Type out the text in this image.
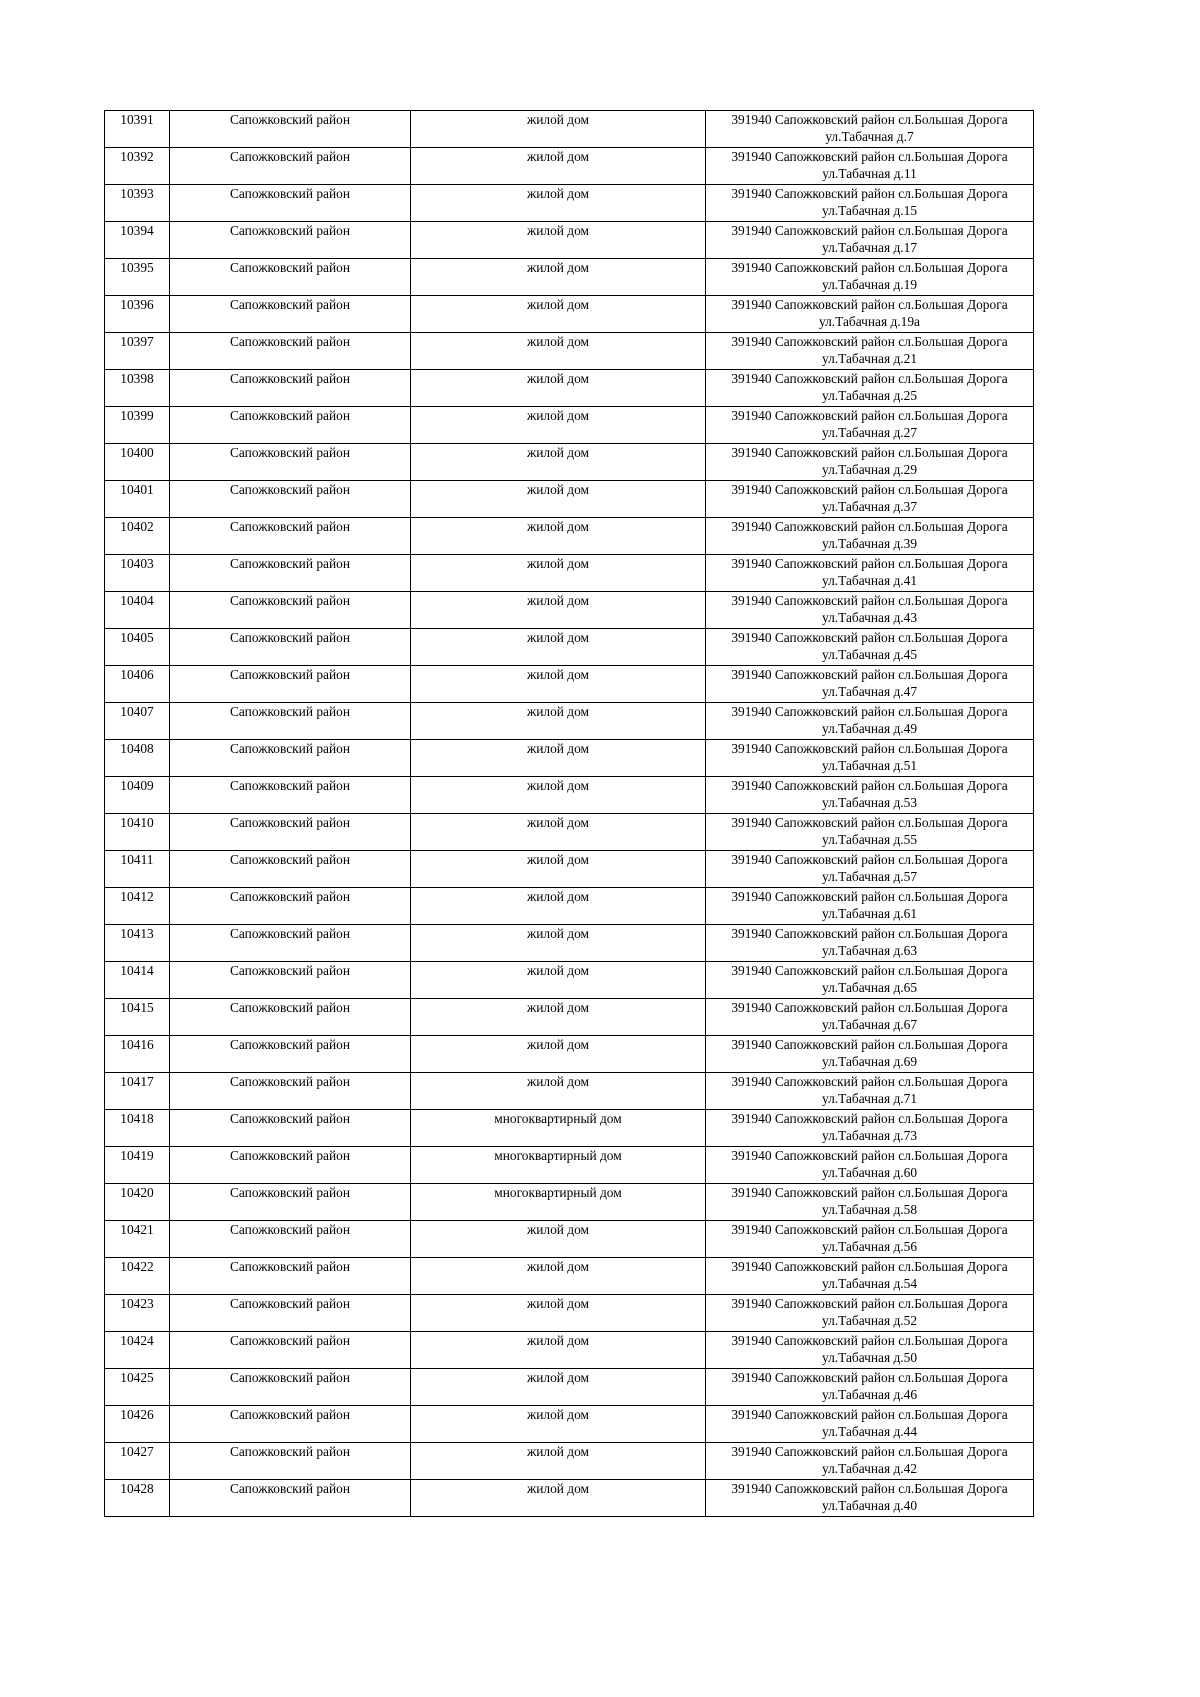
10391	Сапожковский район	жилой дом	391940 Сапожковский район сл.Большая Дорога
ул.Табачная д.7

10392	Сапожковский район	жилой дом	391940 Сапожковский район сл.Большая Дорога
ул.Табачная д.11

10393	Сапожковский район	жилой дом	391940 Сапожковский район сл.Большая Дорога
ул.Табачная д.15

10394	Сапожковский район	жилой дом	391940 Сапожковский район сл.Большая Дорога
ул.Табачная д.17

10395	Сапожковский район	жилой дом	391940 Сапожковский район сл.Большая Дорога
ул.Табачная д.19

10396	Сапожковский район	жилой дом	391940 Сапожковский район сл.Большая Дорога
ул.Табачная д.19а

10397	Сапожковский район	жилой дом	391940 Сапожковский район сл.Большая Дорога
ул.Табачная д.21

10398	Сапожковский район	жилой дом	391940 Сапожковский район сл.Большая Дорога
ул.Табачная д.25

10399	Сапожковский район	жилой дом	391940 Сапожковский район сл.Большая Дорога
ул.Табачная д.27

10400	Сапожковский район	жилой дом	391940 Сапожковский район сл.Большая Дорога
ул.Табачная д.29

10401	Сапожковский район	жилой дом	391940 Сапожковский район сл.Большая Дорога
ул.Табачная д.37

10402	Сапожковский район	жилой дом	391940 Сапожковский район сл.Большая Дорога
ул.Табачная д.39

10403	Сапожковский район	жилой дом	391940 Сапожковский район сл.Большая Дорога
ул.Табачная д.41

10404	Сапожковский район	жилой дом	391940 Сапожковский район сл.Большая Дорога
ул.Табачная д.43

10405	Сапожковский район	жилой дом	391940 Сапожковский район сл.Большая Дорога
ул.Табачная д.45

10406	Сапожковский район	жилой дом	391940 Сапожковский район сл.Большая Дорога
ул.Табачная д.47

10407	Сапожковский район	жилой дом	391940 Сапожковский район сл.Большая Дорога
ул.Табачная д.49

10408	Сапожковский район	жилой дом	391940 Сапожковский район сл.Большая Дорога
ул.Табачная д.51

10409	Сапожковский район	жилой дом	391940 Сапожковский район сл.Большая Дорога
ул.Табачная д.53

10410	Сапожковский район	жилой дом	391940 Сапожковский район сл.Большая Дорога
ул.Табачная д.55

10411	Сапожковский район	жилой дом	391940 Сапожковский район сл.Большая Дорога
ул.Табачная д.57

10412	Сапожковский район	жилой дом	391940 Сапожковский район сл.Большая Дорога
ул.Табачная д.61

10413	Сапожковский район	жилой дом	391940 Сапожковский район сл.Большая Дорога
ул.Табачная д.63

10414	Сапожковский район	жилой дом	391940 Сапожковский район сл.Большая Дорога
ул.Табачная д.65

10415	Сапожковский район	жилой дом	391940 Сапожковский район сл.Большая Дорога
ул.Табачная д.67

10416	Сапожковский район	жилой дом	391940 Сапожковский район сл.Большая Дорога
ул.Табачная д.69

10417	Сапожковский район	жилой дом	391940 Сапожковский район сл.Большая Дорога
ул.Табачная д.71

10418	Сапожковский район	многоквартирный дом	391940 Сапожковский район сл.Большая Дорога
ул.Табачная д.73

10419	Сапожковский район	многоквартирный дом	391940 Сапожковский район сл.Большая Дорога
ул.Табачная д.60

10420	Сапожковский район	многоквартирный дом	391940 Сапожковский район сл.Большая Дорога
ул.Табачная д.58

10421	Сапожковский район	жилой дом	391940 Сапожковский район сл.Большая Дорога
ул.Табачная д.56

10422	Сапожковский район	жилой дом	391940 Сапожковский район сл.Большая Дорога
ул.Табачная д.54

10423	Сапожковский район	жилой дом	391940 Сапожковский район сл.Большая Дорога
ул.Табачная д.52

10424	Сапожковский район	жилой дом	391940 Сапожковский район сл.Большая Дорога
ул.Табачная д.50

10425	Сапожковский район	жилой дом	391940 Сапожковский район сл.Большая Дорога
ул.Табачная д.46

10426	Сапожковский район	жилой дом	391940 Сапожковский район сл.Большая Дорога
ул.Табачная д.44

10427	Сапожковский район	жилой дом	391940 Сапожковский район сл.Большая Дорога
ул.Табачная д.42

10428	Сапожковский район	жилой дом	391940 Сапожковский район сл.Большая Дорога
ул.Табачная д.40
